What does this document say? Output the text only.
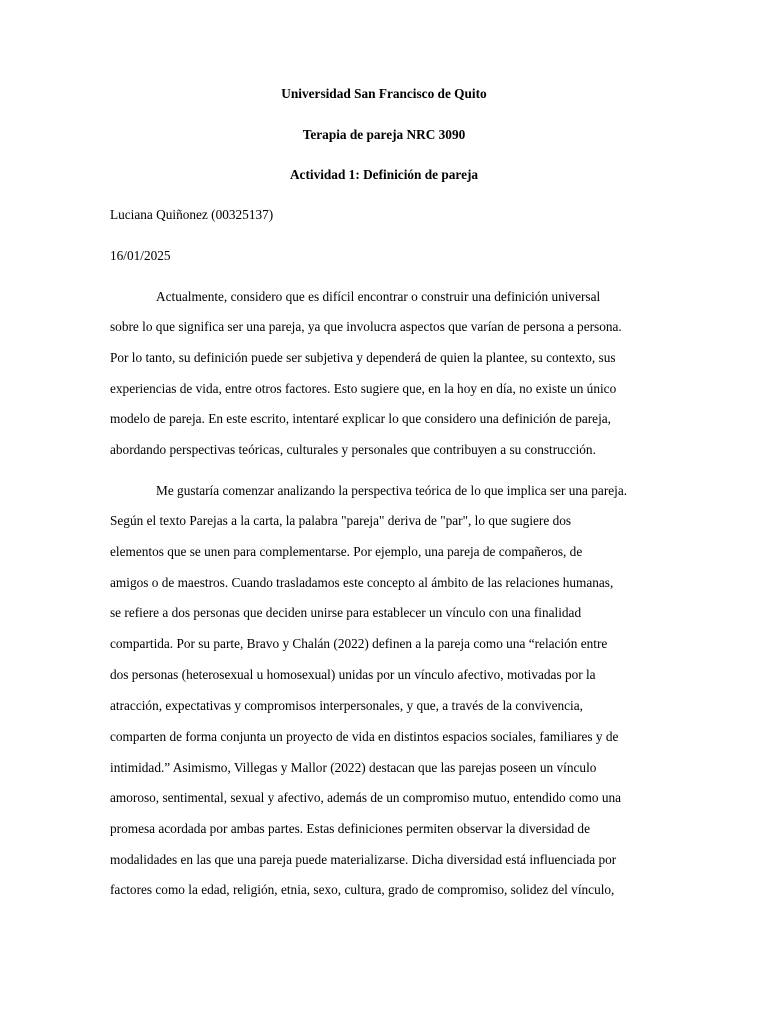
Universidad San Francisco de Quito
Terapia de pareja NRC 3090
Actividad 1: Definición de pareja
Luciana Quiñonez (00325137)
16/01/2025
Actualmente, considero que es difícil encontrar o construir una definición universal
sobre lo que significa ser una pareja, ya que involucra aspectos que varían de persona a persona.
Por lo tanto, su definición puede ser subjetiva y dependerá de quien la plantee, su contexto, sus
experiencias de vida, entre otros factores. Esto sugiere que, en la hoy en día, no existe un único
modelo de pareja. En este escrito, intentaré explicar lo que considero una definición de pareja,
abordando perspectivas teóricas, culturales y personales que contribuyen a su construcción.
Me gustaría comenzar analizando la perspectiva teórica de lo que implica ser una pareja.
Según el texto Parejas a la carta, la palabra "pareja" deriva de "par", lo que sugiere dos
elementos que se unen para complementarse. Por ejemplo, una pareja de compañeros, de
amigos o de maestros. Cuando trasladamos este concepto al ámbito de las relaciones humanas,
se refiere a dos personas que deciden unirse para establecer un vínculo con una finalidad
compartida. Por su parte, Bravo y Chalán (2022) definen a la pareja como una “relación entre
dos personas (heterosexual u homosexual) unidas por un vínculo afectivo, motivadas por la
atracción, expectativas y compromisos interpersonales, y que, a través de la convivencia,
comparten de forma conjunta un proyecto de vida en distintos espacios sociales, familiares y de
intimidad.” Asimismo, Villegas y Mallor (2022) destacan que las parejas poseen un vínculo
amoroso, sentimental, sexual y afectivo, además de un compromiso mutuo, entendido como una
promesa acordada por ambas partes. Estas definiciones permiten observar la diversidad de
modalidades en las que una pareja puede materializarse. Dicha diversidad está influenciada por
factores como la edad, religión, etnia, sexo, cultura, grado de compromiso, solidez del vínculo,
